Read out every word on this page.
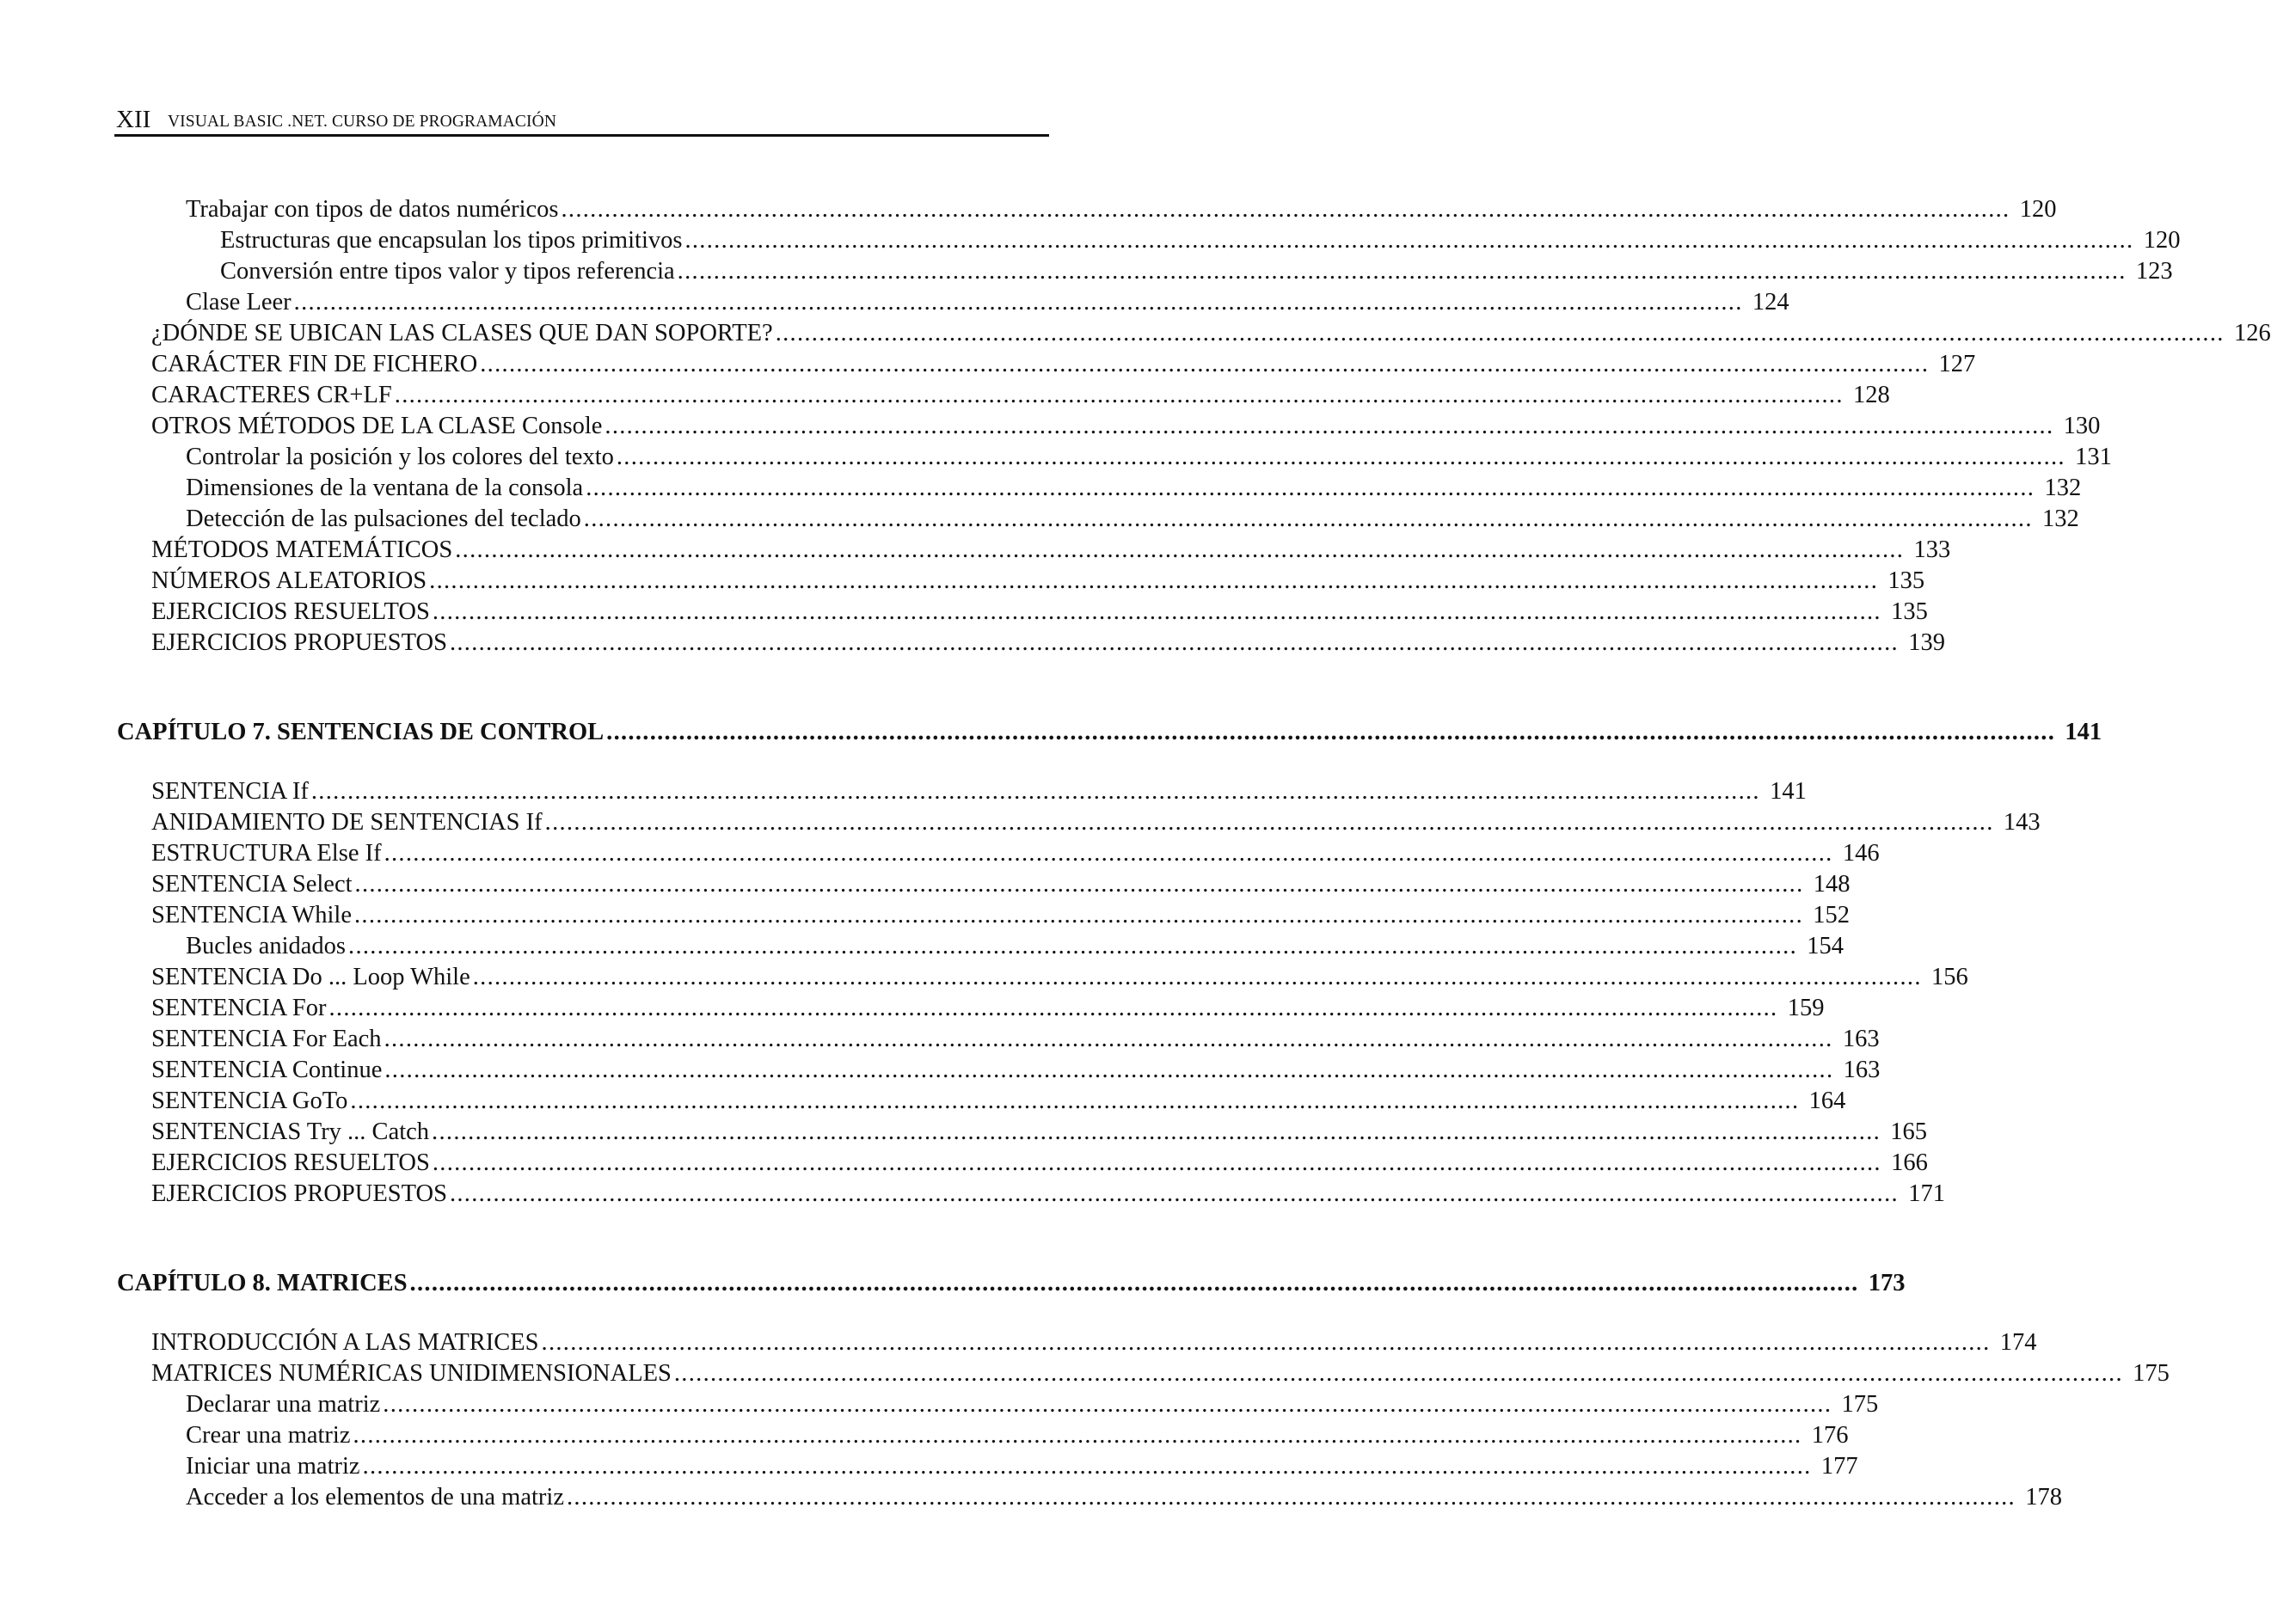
XII VISUAL BASIC .NET. CURSO DE PROGRAMACIÓN
Trabajar con tipos de datos numéricos ........................................................................................................................................................................................................ 120
Estructuras que encapsulan los tipos primitivos ........................................................................................................................................................................................................ 120
Conversión entre tipos valor y tipos referencia ........................................................................................................................................................................................................ 123
Clase Leer ........................................................................................................................................................................................................ 124
¿DÓNDE SE UBICAN LAS CLASES QUE DAN SOPORTE? ........................................................................................................................................................................................................ 126
CARÁCTER FIN DE FICHERO ........................................................................................................................................................................................................ 127
CARACTERES CR+LF ........................................................................................................................................................................................................ 128
OTROS MÉTODOS DE LA CLASE Console ........................................................................................................................................................................................................ 130
Controlar la posición y los colores del texto ........................................................................................................................................................................................................ 131
Dimensiones de la ventana de la consola ........................................................................................................................................................................................................ 132
Detección de las pulsaciones del teclado ........................................................................................................................................................................................................ 132
MÉTODOS MATEMÁTICOS ........................................................................................................................................................................................................ 133
NÚMEROS ALEATORIOS ........................................................................................................................................................................................................ 135
EJERCICIOS RESUELTOS ........................................................................................................................................................................................................ 135
EJERCICIOS PROPUESTOS ........................................................................................................................................................................................................ 139
CAPÍTULO 7. SENTENCIAS DE CONTROL ........................................................................................................................................................................................................ 141
SENTENCIA If ........................................................................................................................................................................................................ 141
ANIDAMIENTO DE SENTENCIAS If ........................................................................................................................................................................................................ 143
ESTRUCTURA Else If ........................................................................................................................................................................................................ 146
SENTENCIA Select ........................................................................................................................................................................................................ 148
SENTENCIA While ........................................................................................................................................................................................................ 152
Bucles anidados ........................................................................................................................................................................................................ 154
SENTENCIA Do ... Loop While ........................................................................................................................................................................................................ 156
SENTENCIA For ........................................................................................................................................................................................................ 159
SENTENCIA For Each ........................................................................................................................................................................................................ 163
SENTENCIA Continue ........................................................................................................................................................................................................ 163
SENTENCIA GoTo ........................................................................................................................................................................................................ 164
SENTENCIAS Try ... Catch ........................................................................................................................................................................................................ 165
EJERCICIOS RESUELTOS ........................................................................................................................................................................................................ 166
EJERCICIOS PROPUESTOS ........................................................................................................................................................................................................ 171
CAPÍTULO 8. MATRICES ........................................................................................................................................................................................................ 173
INTRODUCCIÓN A LAS MATRICES ........................................................................................................................................................................................................ 174
MATRICES NUMÉRICAS UNIDIMENSIONALES ........................................................................................................................................................................................................ 175
Declarar una matriz ........................................................................................................................................................................................................ 175
Crear una matriz ........................................................................................................................................................................................................ 176
Iniciar una matriz ........................................................................................................................................................................................................ 177
Acceder a los elementos de una matriz ........................................................................................................................................................................................................ 178
